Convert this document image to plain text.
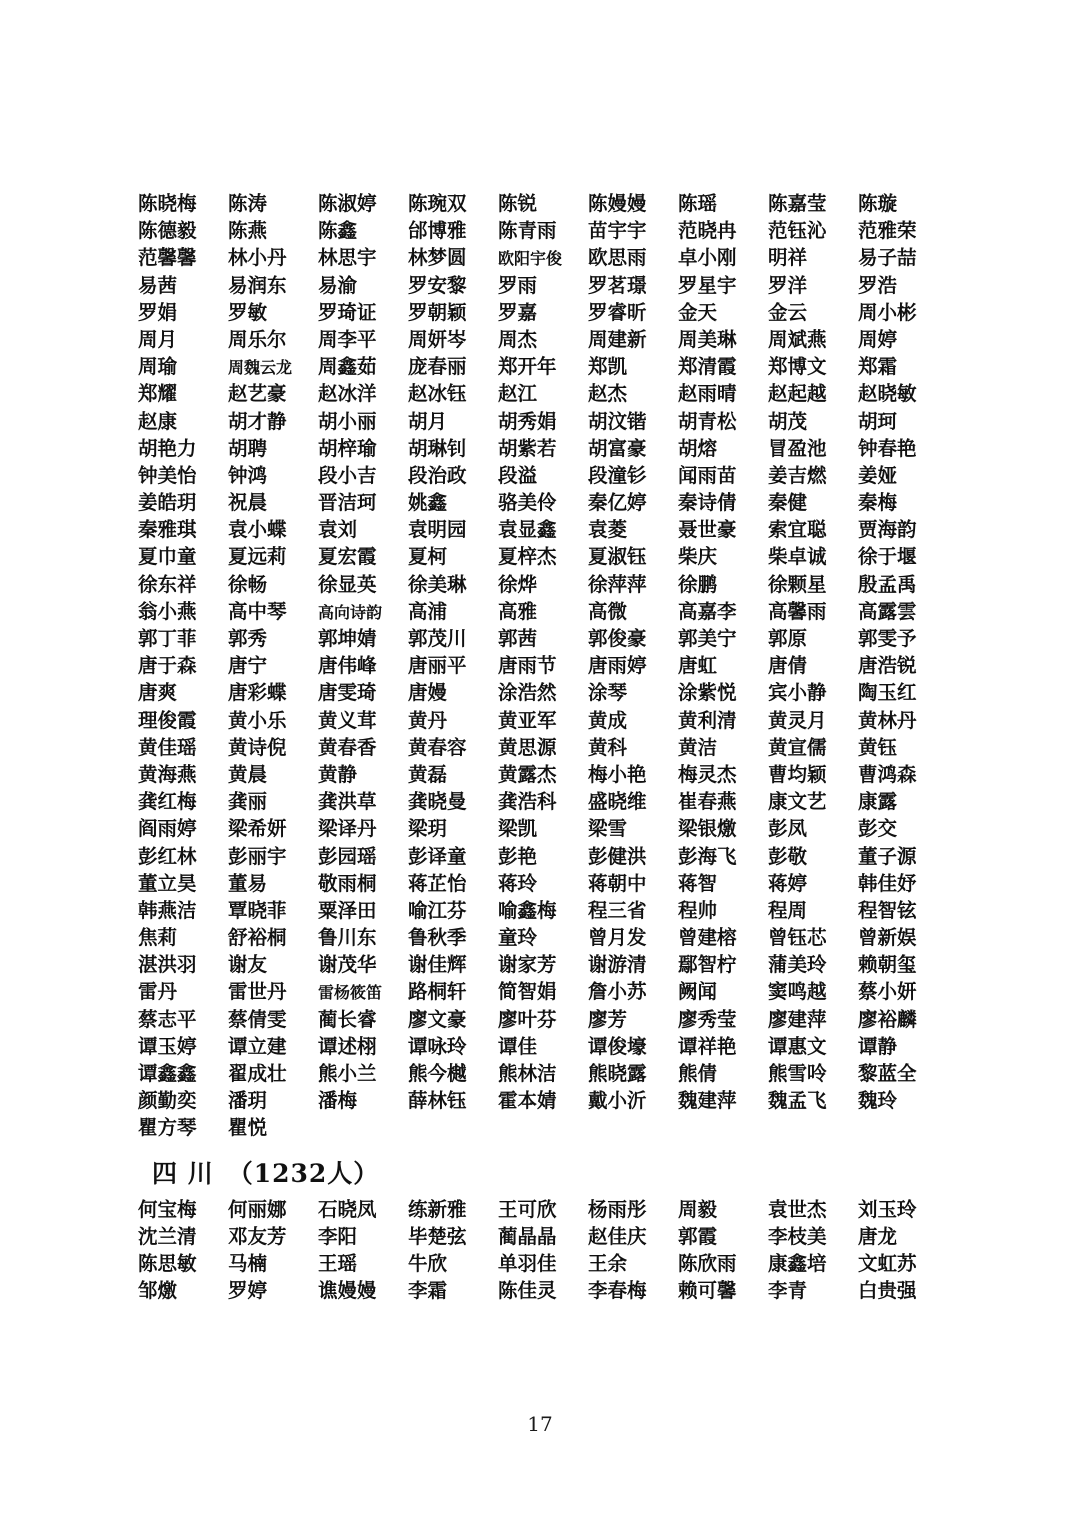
陈晓梅	陈涛	陈淑婷	陈琬双	陈锐	陈嫚嫚	陈瑶	陈嘉莹	陈璇
陈德毅	陈燕	陈鑫	邰博雅	陈青雨	苗宇宇	范晓冉	范钰沁	范雅荣
范馨馨	林小丹	林思宇	林梦圆	欧阳宇俊	欧思雨	卓小刚	明祥	易子喆
易茜	易润东	易渝	罗安黎	罗雨	罗茗璟	罗星宇	罗洋	罗浩
罗娟	罗敏	罗琦证	罗朝颖	罗嘉	罗睿昕	金天	金云	周小彬
周月	周乐尔	周李平	周妍岑	周杰	周建新	周美琳	周斌燕	周婷
周瑜	周魏云龙	周鑫茹	庞春丽	郑开年	郑凯	郑清霞	郑博文	郑霜
郑耀	赵艺豪	赵冰洋	赵冰钰	赵江	赵杰	赵雨晴	赵起越	赵晓敏
赵康	胡才静	胡小丽	胡月	胡秀娟	胡汶锴	胡青松	胡茂	胡珂
胡艳力	胡聘	胡梓瑜	胡琳钊	胡紫若	胡富豪	胡熔	冒盈池	钟春艳
钟美怡	钟鸿	段小吉	段治政	段溢	段潼钐	闻雨苗	姜吉燃	姜娅
姜皓玥	祝晨	晋洁珂	姚鑫	骆美伶	秦亿婷	秦诗倩	秦健	秦梅
秦雅琪	袁小蝶	袁刘	袁明园	袁显鑫	袁菱	聂世豪	索宜聪	贾海韵
夏巾童	夏远莉	夏宏霞	夏柯	夏梓杰	夏淑钰	柴庆	柴卓诚	徐于堰
徐东祥	徐畅	徐显英	徐美琳	徐烨	徐萍萍	徐鹏	徐颗星	殷孟禹
翁小燕	高中琴	高向诗韵	高浦	高雅	高微	高嘉李	高馨雨	高露雲
郭丁菲	郭秀	郭坤婧	郭茂川	郭茜	郭俊豪	郭美宁	郭原	郭雯予
唐于森	唐宁	唐伟峰	唐丽平	唐雨节	唐雨婷	唐虹	唐倩	唐浩锐
唐爽	唐彩蝶	唐雯琦	唐嫚	涂浩然	涂琴	涂紫悦	宾小静	陶玉红
理俊霞	黄小乐	黄义茸	黄丹	黄亚军	黄成	黄利清	黄灵月	黄林丹
黄佳瑶	黄诗倪	黄春香	黄春容	黄思源	黄科	黄洁	黄宣儒	黄钰
黄海燕	黄晨	黄静	黄磊	黄露杰	梅小艳	梅灵杰	曹均颖	曹鸿森
龚红梅	龚丽	龚洪草	龚晓曼	龚浩科	盛晓维	崔春燕	康文艺	康露
阎雨婷	梁希妍	梁译丹	梁玥	梁凯	梁雪	梁银燩	彭凤	彭交
彭红林	彭丽宇	彭园瑶	彭译童	彭艳	彭健洪	彭海飞	彭敬	董子源
董立昊	董易	敬雨桐	蒋芷怡	蒋玲	蒋朝中	蒋智	蒋婷	韩佳妤
韩燕洁	覃晓菲	粟泽田	喻江芬	喻鑫梅	程三省	程帅	程周	程智铉
焦莉	舒裕桐	鲁川东	鲁秋季	童玲	曾月发	曾建榕	曾钰芯	曾新娱
湛洪羽	谢友	谢茂华	谢佳辉	谢家芳	谢游清	鄢智柠	蒲美玲	赖朝玺
雷丹	雷世丹	雷杨筱笛	路桐轩	简智娟	詹小苏	阙闻	窦鸣越	蔡小妍
蔡志平	蔡倩雯	蔺长睿	廖文豪	廖叶芬	廖芳	廖秀莹	廖建萍	廖裕麟
谭玉婷	谭立建	谭述栩	谭咏玲	谭佳	谭俊壕	谭祥艳	谭惠文	谭静
谭鑫鑫	翟成壮	熊小兰	熊今樾	熊林洁	熊晓露	熊倩	熊雪呤	黎蓝全
颜勤奕	潘玥	潘梅	薛林钰	霍本婧	戴小沂	魏建萍	魏孟飞	魏玲
瞿方琴	瞿悦

四 川 （1232人）
何宝梅	何丽娜	石晓凤	练新雅	王可欣	杨雨彤	周毅	袁世杰	刘玉玲
沈兰清	邓友芳	李阳	毕楚弦	蔺晶晶	赵佳庆	郭霞	李枝美	唐龙
陈思敏	马楠	王瑶	牛欣	单羽佳	王余	陈欣雨	康鑫培	文虹苏
邹燩	罗婷	谯嫚嫚	李霜	陈佳灵	李春梅	赖可馨	李青	白贵强
17
